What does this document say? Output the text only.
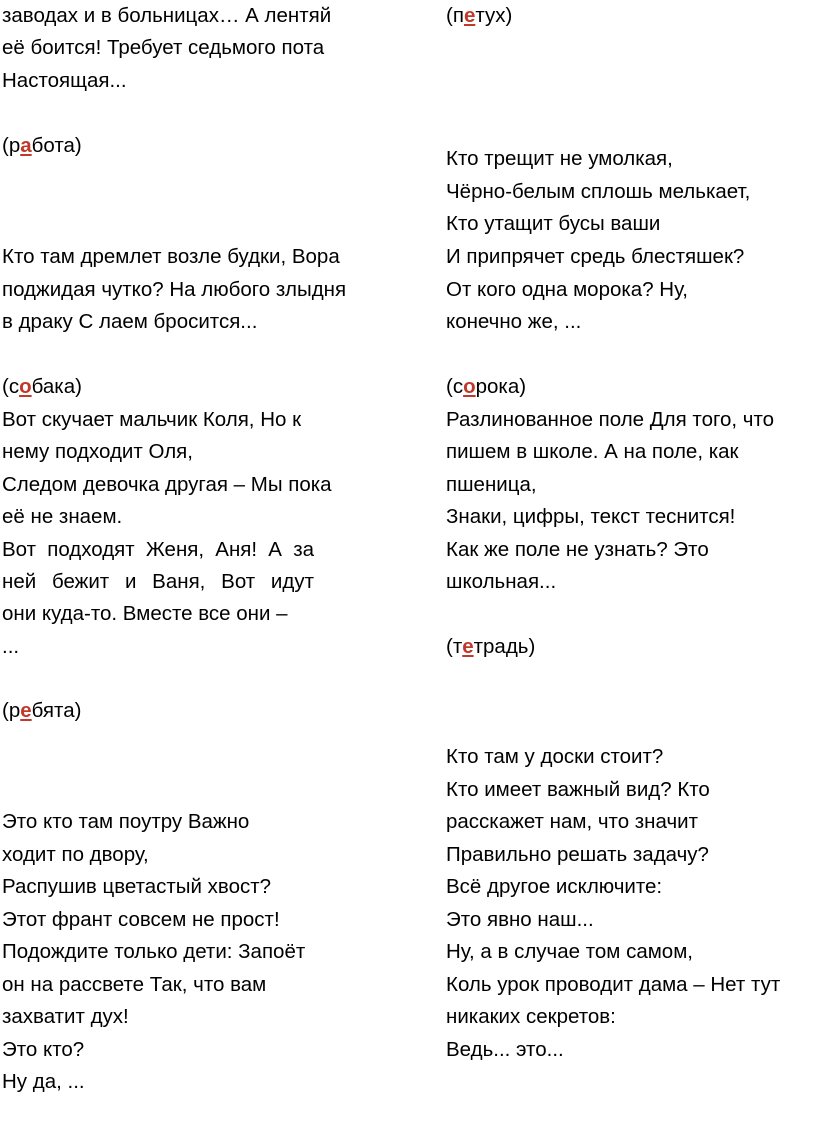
заводах и в больницах… А лентяй

её боится! Требует седьмого пота

Настоящая...

(работа)

Кто там дремлет возле будки, Вора

поджидая чутко? На любого злыдня

в драку С лаем бросится...

(собака)

Вот скучает мальчик Коля, Но к

нему подходит Оля,

Следом девочка другая – Мы пока

её не знаем.

Вот подходят Женя, Аня! А за

ней бежит и Ваня, Вот идут

они куда-то. Вместе все они –

...

(ребята)

Это кто там поутру Важно

ходит по двору,

Распушив цветастый хвост?

Этот франт совсем не прост!

Подождите только дети: Запоёт

он на рассвете Так, что вам

захватит дух!

Это кто?

Ну да, ...

(петух)

Кто трещит не умолкая,

Чёрно-белым сплошь мелькает,

Кто утащит бусы ваши

И припрячет средь блестяшек?

От кого одна морока? Ну,

конечно же, ...

(сорока)

Разлинованное поле Для того, что

пишем в школе. А на поле, как

пшеница,

Знаки, цифры, текст теснится!

Как же поле не узнать? Это

школьная...

(тетрадь)

Кто там у доски стоит?

Кто имеет важный вид? Кто

расскажет нам, что значит

Правильно решать задачу?

Всё другое исключите:

Это явно наш...

Ну, а в случае том самом,

Коль урок проводит дама – Нет тут

никаких секретов:

Ведь... это...
